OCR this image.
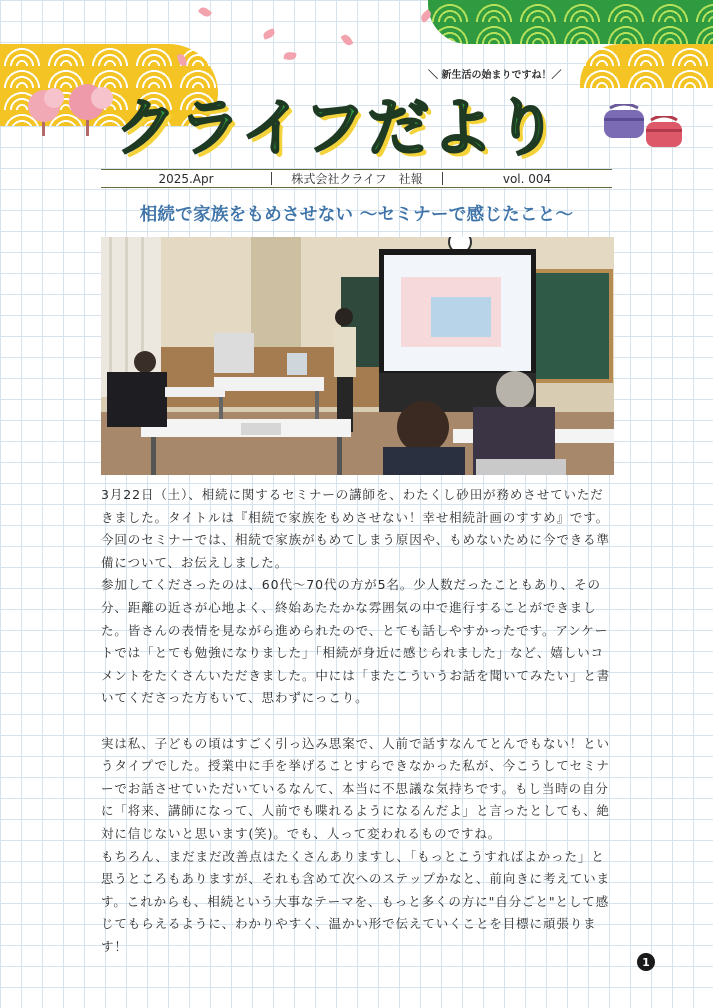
＼ 新生活の始まりですね！／
クライフだより
2025.Apr	株式会社クライフ　社報	vol. 004
相続で家族をもめさせない ～セミナーで感じたこと～

3月22日（土）、相続に関するセミナーの講師を、わたくし砂田が務めさせていただきました。タイトルは『相続で家族をもめさせない！幸せ相続計画のすすめ』です。今回のセミナーでは、相続で家族がもめてしまう原因や、もめないために今できる準備について、お伝えしました。

参加してくださったのは、60代～70代の方が5名。少人数だったこともあり、その分、距離の近さが心地よく、終始あたたかな雰囲気の中で進行することができました。皆さんの表情を見ながら進められたので、とても話しやすかったです。アンケートでは「とても勉強になりました」「相続が身近に感じられました」など、嬉しいコメントをたくさんいただきました。中には「またこういうお話を聞いてみたい」と書いてくださった方もいて、思わずにっこり。

実は私、子どもの頃はすごく引っ込み思案で、人前で話すなんてとんでもない！というタイプでした。授業中に手を挙げることすらできなかった私が、今こうしてセミナーでお話させていただいているなんて、本当に不思議な気持ちです。もし当時の自分に「将来、講師になって、人前でも喋れるようになるんだよ」と言ったとしても、絶対に信じないと思います(笑)。でも、人って変われるものですね。

もちろん、まだまだ改善点はたくさんありますし、「もっとこうすればよかった」と思うところもありますが、それも含めて次へのステップかなと、前向きに考えています。これからも、相続という大事なテーマを、もっと多くの方に"自分ごと"として感じてもらえるように、わかりやすく、温かい形で伝えていくことを目標に頑張ります！

1
